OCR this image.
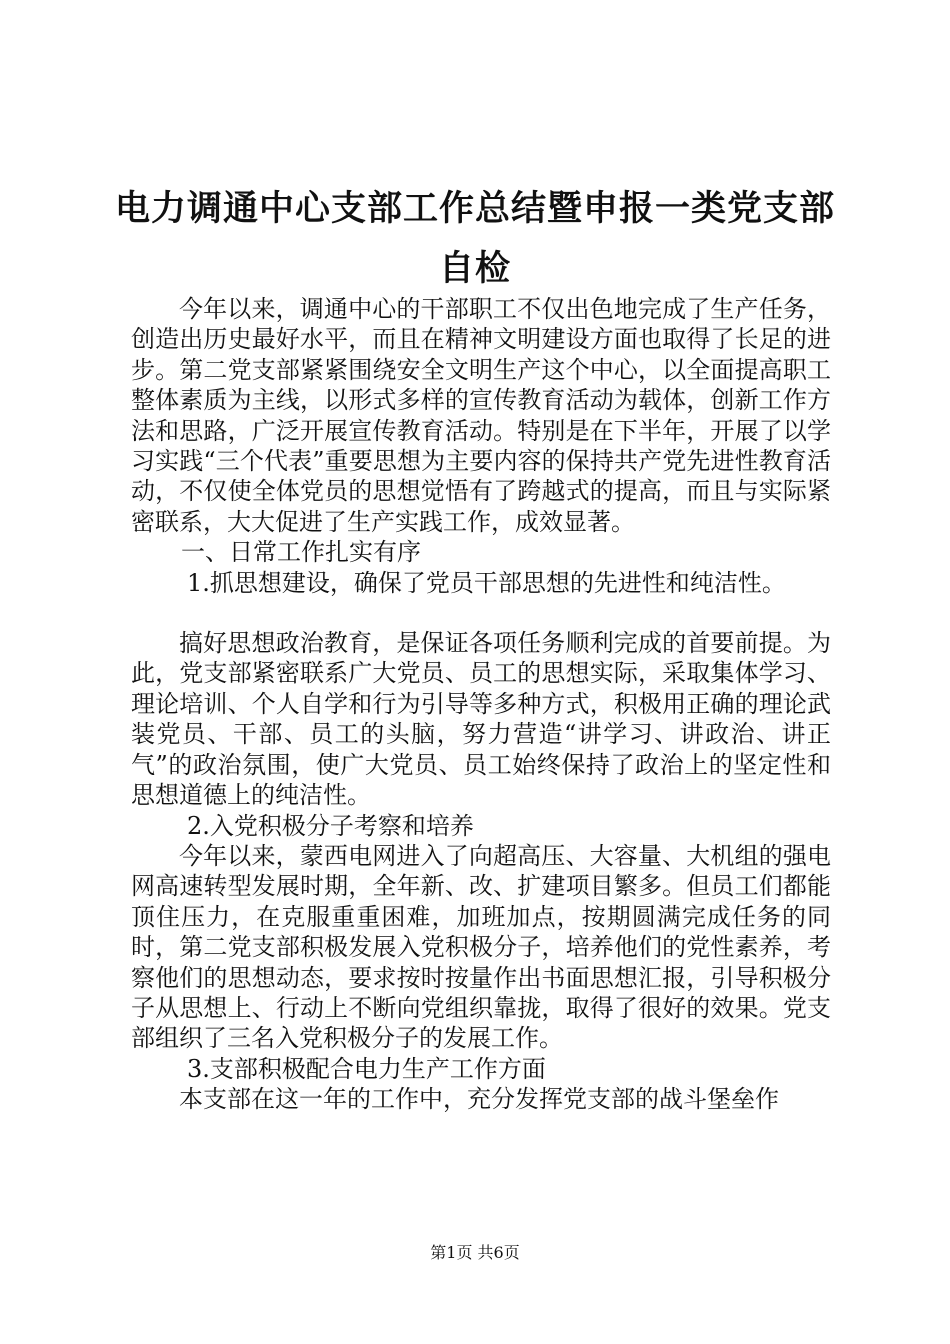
电力调通中心支部工作总结暨申报一类党支部
自检

今年以来，调通中心的干部职工不仅出色地完成了生产任务，创造出历史最好水平，而且在精神文明建设方面也取得了长足的进步。第二党支部紧紧围绕安全文明生产这个中心，以全面提高职工整体素质为主线，以形式多样的宣传教育活动为载体，创新工作方法和思路，广泛开展宣传教育活动。特别是在下半年，开展了以学习实践“三个代表”重要思想为主要内容的保持共产党先进性教育活动，不仅使全体党员的思想觉悟有了跨越式的提高，而且与实际紧密联系，大大促进了生产实践工作，成效显著。

一、日常工作扎实有序

1.抓思想建设，确保了党员干部思想的先进性和纯洁性。

搞好思想政治教育，是保证各项任务顺利完成的首要前提。为此，党支部紧密联系广大党员、员工的思想实际，采取集体学习、理论培训、个人自学和行为引导等多种方式，积极用正确的理论武装党员、干部、员工的头脑，努力营造“讲学习、讲政治、讲正气”的政治氛围，使广大党员、员工始终保持了政治上的坚定性和思想道德上的纯洁性。

2.入党积极分子考察和培养

今年以来，蒙西电网进入了向超高压、大容量、大机组的强电网高速转型发展时期，全年新、改、扩建项目繁多。但员工们都能顶住压力，在克服重重困难，加班加点，按期圆满完成任务的同时，第二党支部积极发展入党积极分子，培养他们的党性素养，考察他们的思想动态，要求按时按量作出书面思想汇报，引导积极分子从思想上、行动上不断向党组织靠拢，取得了很好的效果。党支部组织了三名入党积极分子的发展工作。

3.支部积极配合电力生产工作方面

本支部在这一年的工作中，充分发挥党支部的战斗堡垒作

第1页 共6页
